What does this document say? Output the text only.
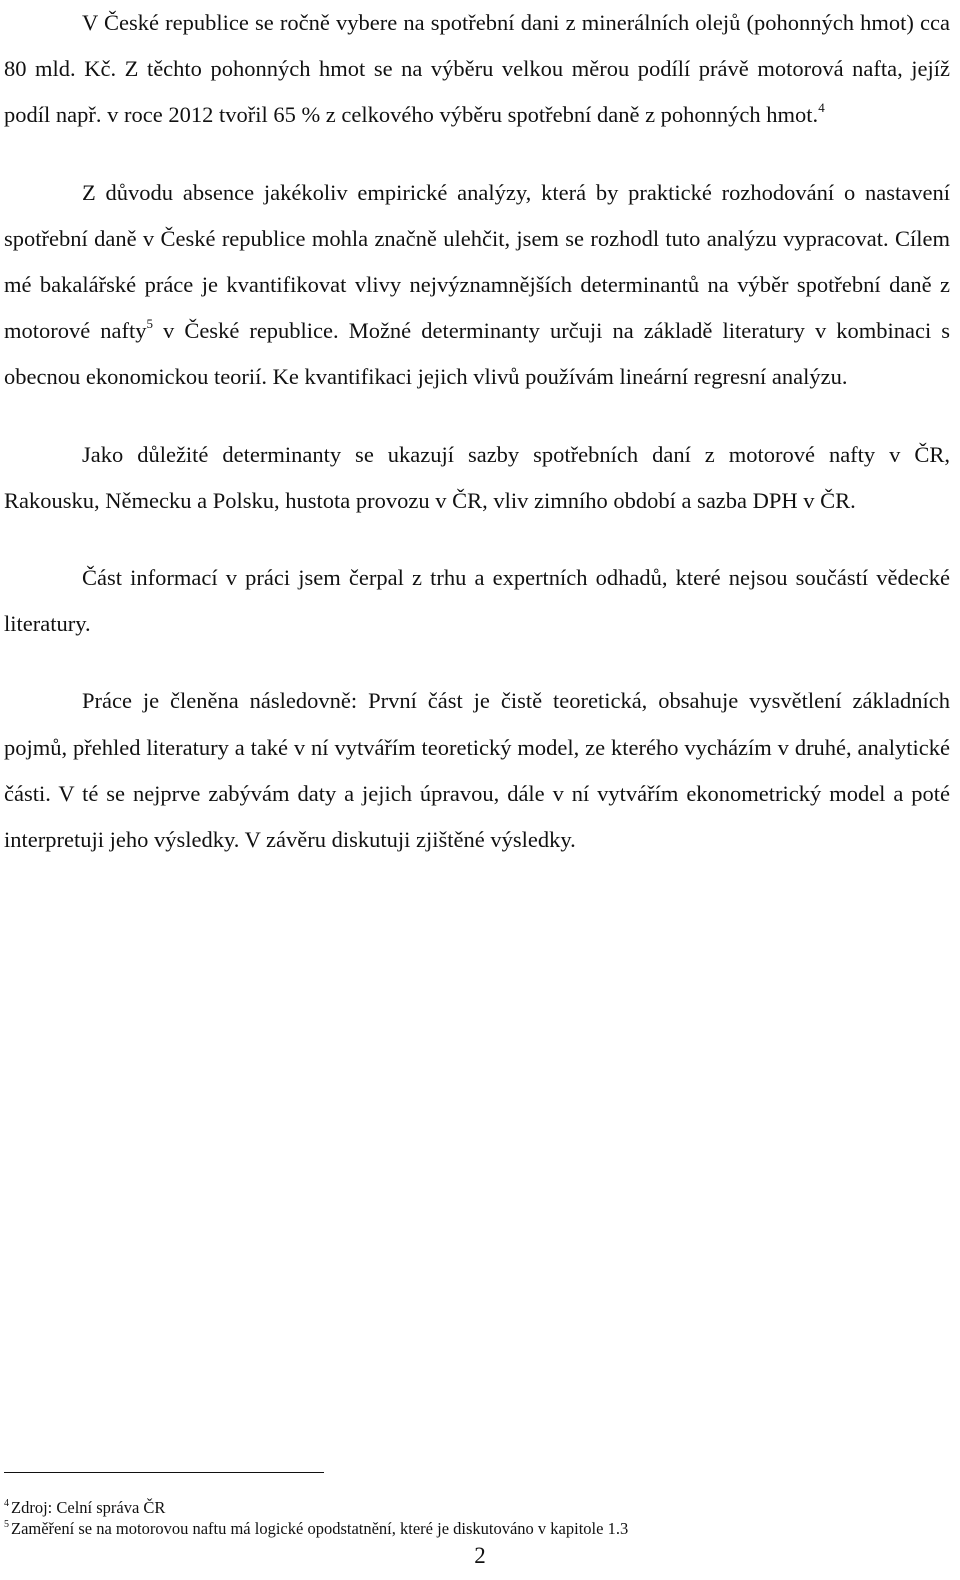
V České republice se ročně vybere na spotřební dani z minerálních olejů (pohonných hmot) cca 80 mld. Kč. Z těchto pohonných hmot se na výběru velkou měrou podílí právě motorová nafta, jejíž podíl např. v roce 2012 tvořil 65 % z celkového výběru spotřební daně z pohonných hmot.$^4$

Z důvodu absence jakékoliv empirické analýzy, která by praktické rozhodování o nastavení spotřební daně v České republice mohla značně ulehčit, jsem se rozhodl tuto analýzu vypracovat. Cílem mé bakalářské práce je kvantifikovat vlivy nejvýznamnějších determinantů na výběr spotřební daně z motorové nafty$^5$ v České republice. Možné determinanty určuji na základě literatury v kombinaci s obecnou ekonomickou teorií. Ke kvantifikaci jejich vlivů používám lineární regresní analýzu.

Jako důležité determinanty se ukazují sazby spotřebních daní z motorové nafty v ČR, Rakousku, Německu a Polsku, hustota provozu v ČR, vliv zimního období a sazba DPH v ČR.

Část informací v práci jsem čerpal z trhu a expertních odhadů, které nejsou součástí vědecké literatury.

Práce je členěna následovně: První část je čistě teoretická, obsahuje vysvětlení základních pojmů, přehled literatury a také v ní vytvářím teoretický model, ze kterého vycházím v druhé, analytické části. V té se nejprve zabývám daty a jejich úpravou, dále v ní vytvářím ekonometrický model a poté interpretuji jeho výsledky. V závěru diskutuji zjištěné výsledky.

$^4$ Zdroj: Celní správa ČR

$^5$ Zaměření se na motorovou naftu má logické opodstatnění, které je diskutováno v kapitole 1.3

2
